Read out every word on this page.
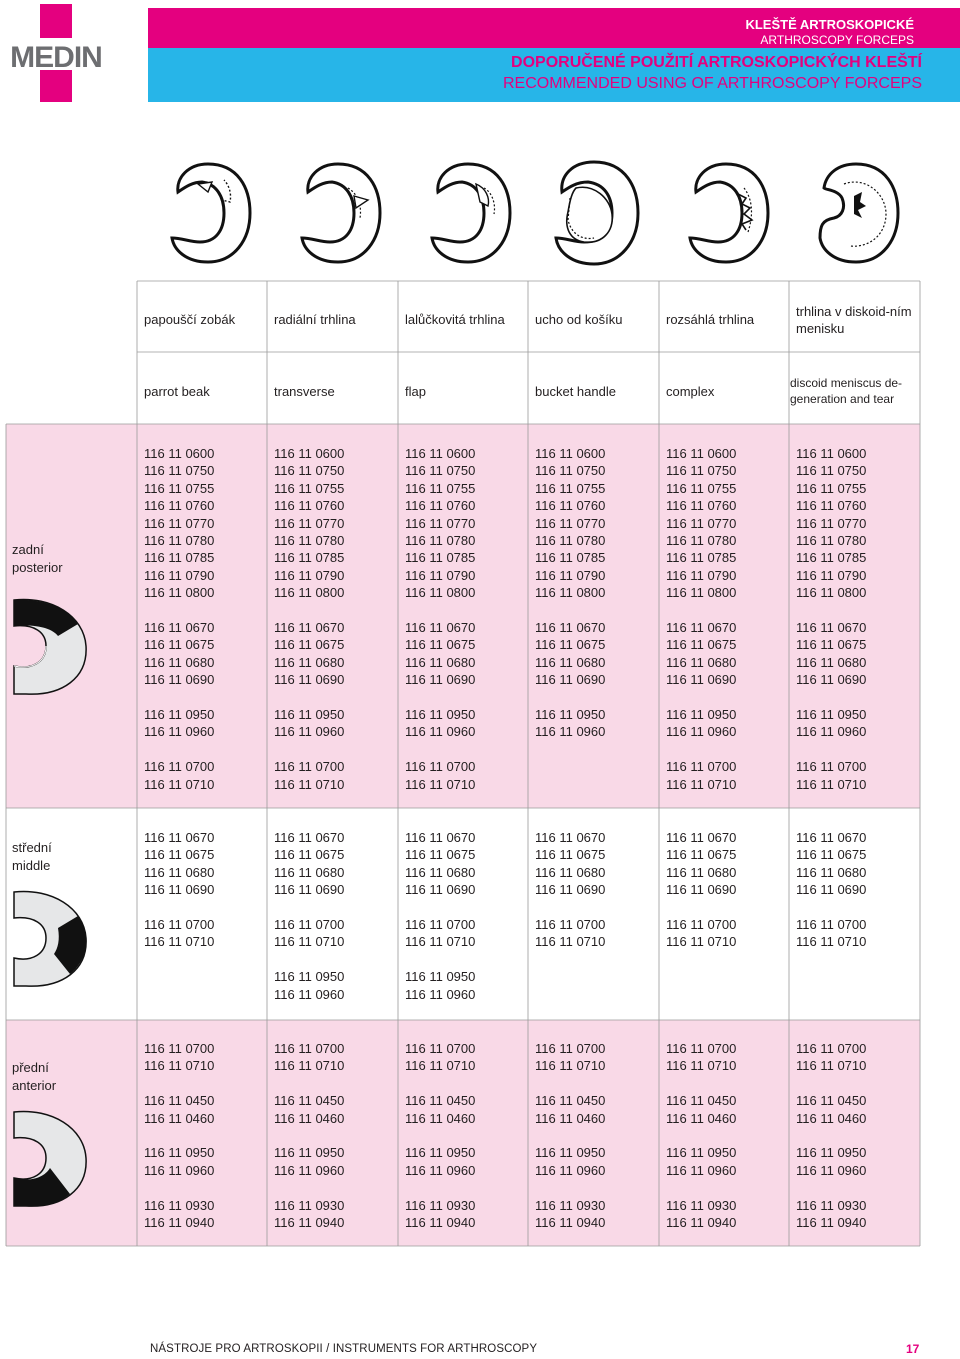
MEDIN
KLEŠTĚ ARTROSKOPICKÉ
ARTHROSCOPY FORCEPS
DOPORUČENÉ POUŽITÍ ARTROSKOPICKÝCH KLEŠTÍ
RECOMMENDED USING OF ARTHROSCOPY FORCEPS
papouščí zobák
parrot beak
radiální trhlina
transverse
lalůčkovitá trhlina
flap
ucho od košíku
bucket handle
rozsáhlá trhlina
complex
trhlina v diskoid-ním menisku
discoid meniscus de-generation and tear
zadní
posterior
střední
middle
přední
anterior
116 11 0600
116 11 0750
116 11 0755
116 11 0760
116 11 0770
116 11 0780
116 11 0785
116 11 0790
116 11 0800
116 11 0670
116 11 0675
116 11 0680
116 11 0690
116 11 0950
116 11 0960
116 11 0700
116 11 0710
116 11 0600
116 11 0750
116 11 0755
116 11 0760
116 11 0770
116 11 0780
116 11 0785
116 11 0790
116 11 0800
116 11 0670
116 11 0675
116 11 0680
116 11 0690
116 11 0950
116 11 0960
116 11 0700
116 11 0710
116 11 0600
116 11 0750
116 11 0755
116 11 0760
116 11 0770
116 11 0780
116 11 0785
116 11 0790
116 11 0800
116 11 0670
116 11 0675
116 11 0680
116 11 0690
116 11 0950
116 11 0960
116 11 0700
116 11 0710
116 11 0600
116 11 0750
116 11 0755
116 11 0760
116 11 0770
116 11 0780
116 11 0785
116 11 0790
116 11 0800
116 11 0670
116 11 0675
116 11 0680
116 11 0690
116 11 0950
116 11 0960
116 11 0600
116 11 0750
116 11 0755
116 11 0760
116 11 0770
116 11 0780
116 11 0785
116 11 0790
116 11 0800
116 11 0670
116 11 0675
116 11 0680
116 11 0690
116 11 0950
116 11 0960
116 11 0700
116 11 0710
116 11 0600
116 11 0750
116 11 0755
116 11 0760
116 11 0770
116 11 0780
116 11 0785
116 11 0790
116 11 0800
116 11 0670
116 11 0675
116 11 0680
116 11 0690
116 11 0950
116 11 0960
116 11 0700
116 11 0710
116 11 0670
116 11 0675
116 11 0680
116 11 0690
116 11 0700
116 11 0710
116 11 0670
116 11 0675
116 11 0680
116 11 0690
116 11 0700
116 11 0710
116 11 0950
116 11 0960
116 11 0670
116 11 0675
116 11 0680
116 11 0690
116 11 0700
116 11 0710
116 11 0950
116 11 0960
116 11 0670
116 11 0675
116 11 0680
116 11 0690
116 11 0700
116 11 0710
116 11 0670
116 11 0675
116 11 0680
116 11 0690
116 11 0700
116 11 0710
116 11 0670
116 11 0675
116 11 0680
116 11 0690
116 11 0700
116 11 0710
116 11 0700
116 11 0710
116 11 0450
116 11 0460
116 11 0950
116 11 0960
116 11 0930
116 11 0940
116 11 0700
116 11 0710
116 11 0450
116 11 0460
116 11 0950
116 11 0960
116 11 0930
116 11 0940
116 11 0700
116 11 0710
116 11 0450
116 11 0460
116 11 0950
116 11 0960
116 11 0930
116 11 0940
116 11 0700
116 11 0710
116 11 0450
116 11 0460
116 11 0950
116 11 0960
116 11 0930
116 11 0940
116 11 0700
116 11 0710
116 11 0450
116 11 0460
116 11 0950
116 11 0960
116 11 0930
116 11 0940
116 11 0700
116 11 0710
116 11 0450
116 11 0460
116 11 0950
116 11 0960
116 11 0930
116 11 0940
NÁSTROJE PRO ARTROSKOPII / INSTRUMENTS FOR ARTHROSCOPY	17
